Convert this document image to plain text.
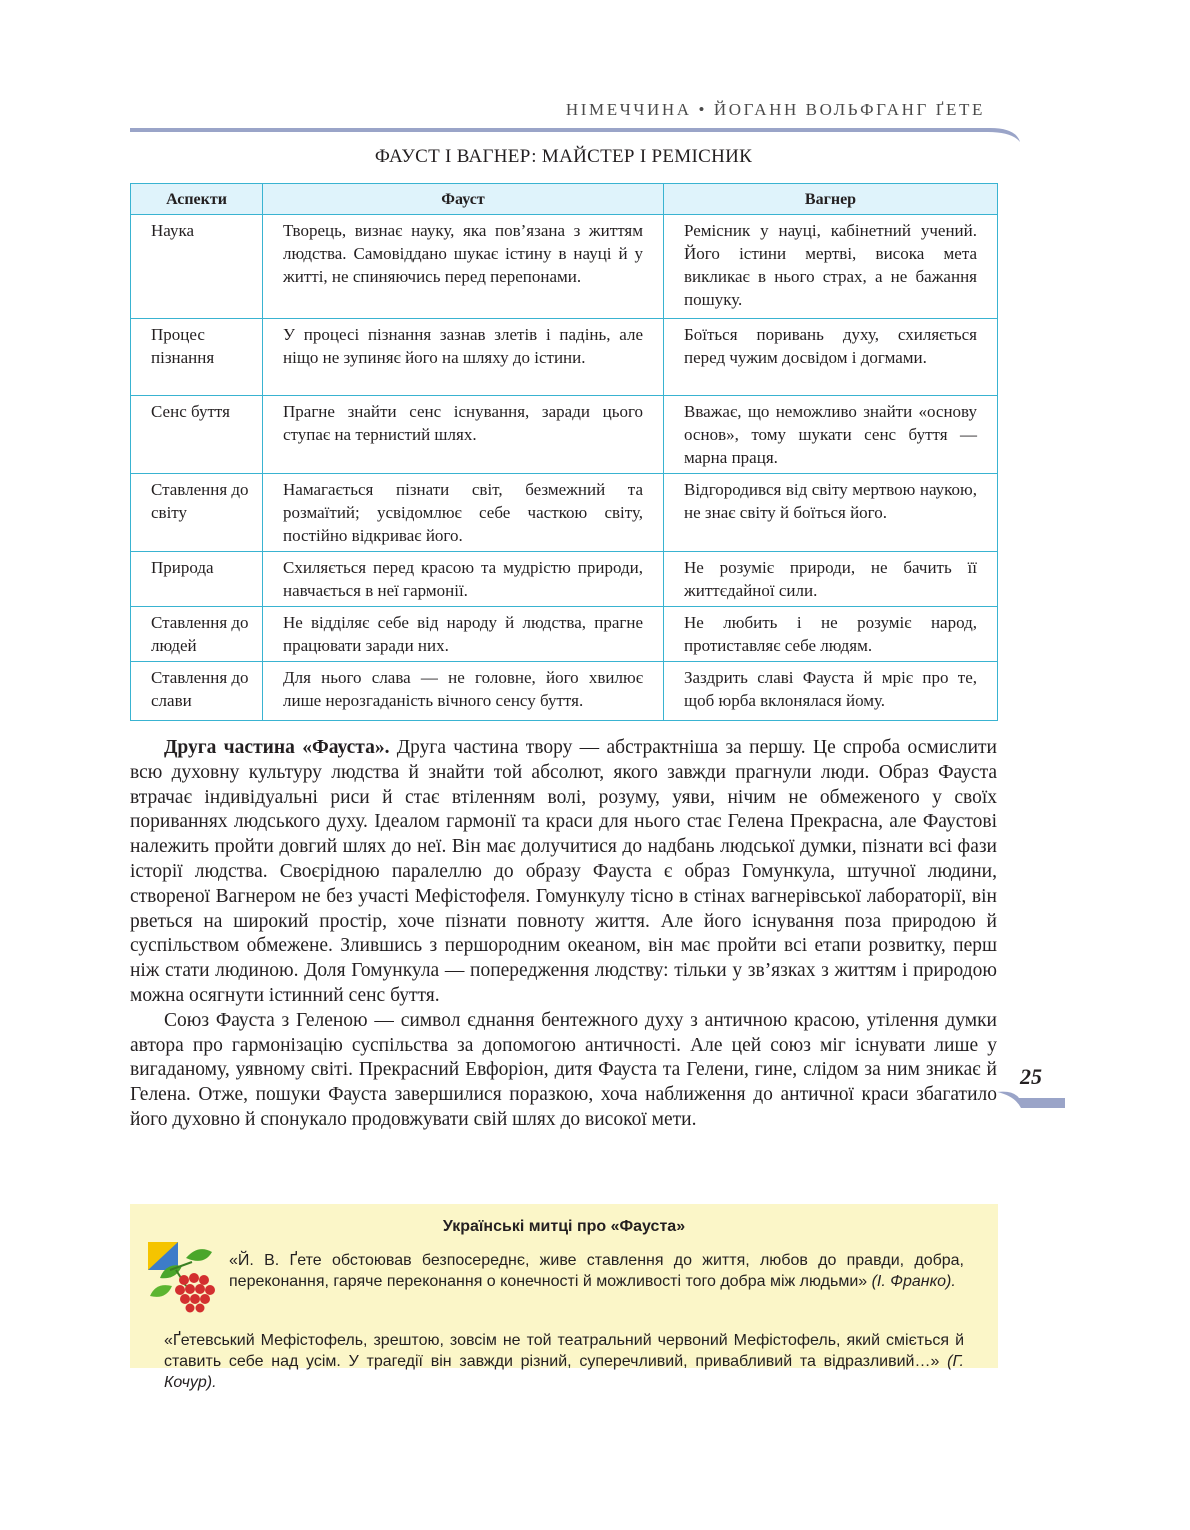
НІМЕЧЧИНА • ЙОГАНН ВОЛЬФГАНГ ҐЕТЕ
ФАУСТ І ВАГНЕР: МАЙСТЕР І РЕМІСНИК
Аспекти	Фауст	Вагнер
Наука	Творець, визнає науку, яка пов’язана з життям людства. Самовіддано шукає істину в науці й у житті, не спиняючись перед перепонами.	Ремісник у науці, кабінетний учений. Його істини мертві, висока мета викликає в нього страх, а не бажання пошуку.
Процес пізнання	У процесі пізнання зазнав злетів і падінь, але ніщо не зупиняє його на шляху до істини.	Боїться поривань духу, схиляється перед чужим досвідом і догмами.
Сенс буття	Прагне знайти сенс існування, заради цього ступає на тернистий шлях.	Вважає, що неможливо знайти «основу основ», тому шукати сенс буття — марна праця.
Ставлення до світу	Намагається пізнати світ, безмежний та розмаїтий; усвідомлює себе часткою світу, постійно відкриває його.	Відгородився від світу мертвою наукою, не знає світу й боїться його.
Природа	Схиляється перед красою та мудрістю природи, навчається в неї гармонії.	Не розуміє природи, не бачить її життєдайної сили.
Ставлення до людей	Не відділяє себе від народу й людства, прагне працювати заради них.	Не любить і не розуміє народ, протиставляє себе людям.
Ставлення до слави	Для нього слава — не головне, його хвилює лише нерозгаданість вічного сенсу буття.	Заздрить славі Фауста й мріє про те, щоб юрба вклонялася йому.

Друга частина «Фауста». Друга частина твору — абстрактніша за першу. Це спроба осмислити всю духовну культуру людства й знайти той абсолют, якого завжди прагнули люди. Образ Фауста втрачає індивідуальні риси й стає втіленням волі, розуму, уяви, нічим не обмеженого у своїх пориваннях людського духу. Ідеалом гармонії та краси для нього стає Гелена Прекрасна, але Фаустові належить пройти довгий шлях до неї. Він має долучитися до надбань людської думки, пізнати всі фази історії людства. Своєрідною паралеллю до образу Фауста є образ Гомункула, штучної людини, створеної Вагнером не без участі Мефістофеля. Гомункулу тісно в стінах вагнерівської лабораторії, він рветься на широкий простір, хоче пізнати повноту життя. Але його існування поза природою й суспільством обмежене. Злившись з першородним океаном, він має пройти всі етапи розвитку, перш ніж стати людиною. Доля Гомункула — попередження людству: тільки у зв’язках з життям і природою можна осягнути істинний сенс буття.

Союз Фауста з Геленою — символ єднання бентежного духу з античною красою, утілення думки автора про гармонізацію суспільства за допомогою античності. Але цей союз міг існувати лише у вигаданому, уявному світі. Прекрасний Евфоріон, дитя Фауста та Гелени, гине, слідом за ним зникає й Гелена. Отже, пошуки Фауста завершилися поразкою, хоча наближення до античної краси збагатило його духовно й спонукало продовжувати свій шлях до високої мети.

Українські митці про «Фауста»
«Й. В. Ґете обстоював безпосереднє, живе ставлення до життя, любов до правди, добра, переконання, гаряче переконання о конечності й можливості того добра між людьми» (І. Франко).
«Ґетевський Мефістофель, зрештою, зовсім не той театральний червоний Мефістофель, який сміється й ставить себе над усім. У трагедії він завжди різний, суперечливий, привабливий та відразливий…» (Г. Кочур).
25
